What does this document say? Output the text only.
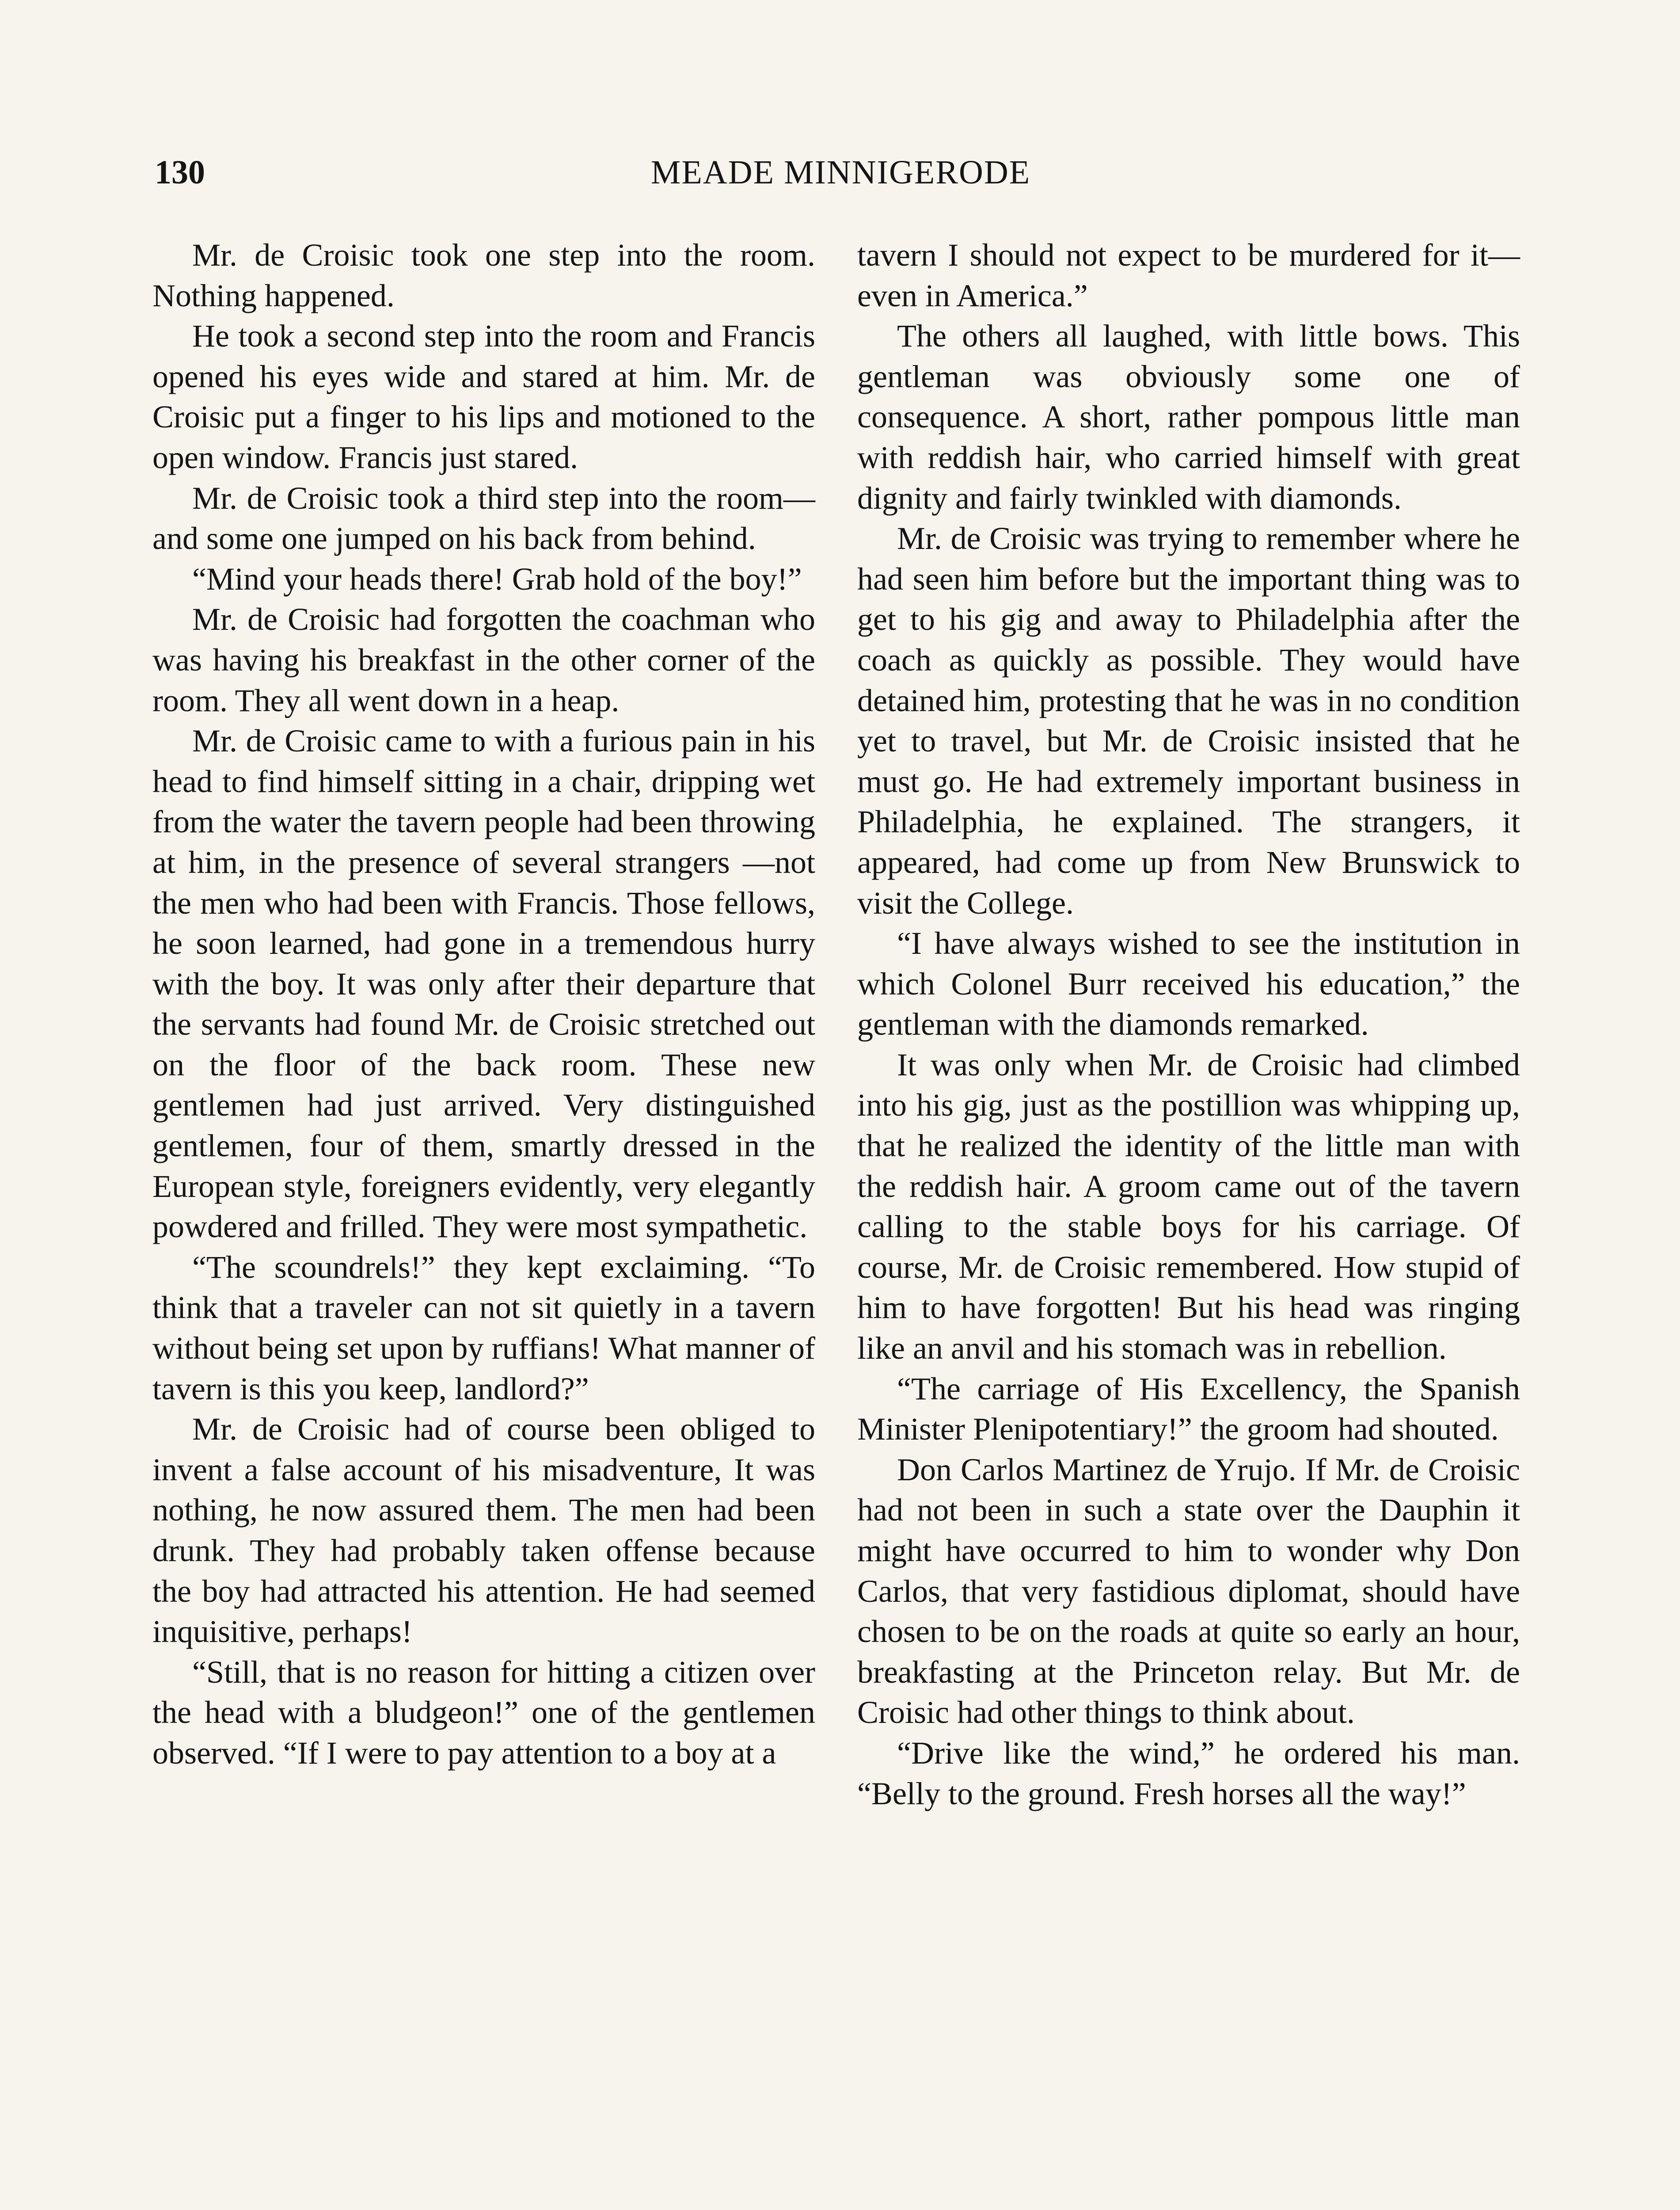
130	MEADE MINNIGERODE

Mr. de Croisic took one step into the room. Nothing happened.

He took a second step into the room and Francis opened his eyes wide and stared at him. Mr. de Croisic put a finger to his lips and motioned to the open window. Francis just stared.

Mr. de Croisic took a third step into the room—and some one jumped on his back from behind.

“Mind your heads there! Grab hold of the boy!”

Mr. de Croisic had forgotten the coachman who was having his breakfast in the other corner of the room. They all went down in a heap.

Mr. de Croisic came to with a furious pain in his head to find himself sitting in a chair, dripping wet from the water the tavern people had been throwing at him, in the presence of several strangers —not the men who had been with Francis. Those fellows, he soon learned, had gone in a tremendous hurry with the boy. It was only after their departure that the servants had found Mr. de Croisic stretched out on the floor of the back room. These new gentlemen had just arrived. Very distinguished gentlemen, four of them, smartly dressed in the European style, foreigners evidently, very elegantly powdered and frilled. They were most sympathetic.

“The scoundrels!” they kept exclaiming. “To think that a traveler can not sit quietly in a tavern without being set upon by ruffians! What manner of tavern is this you keep, landlord?”

Mr. de Croisic had of course been obliged to invent a false account of his misadventure, It was nothing, he now assured them. The men had been drunk. They had probably taken offense because the boy had attracted his attention. He had seemed inquisitive, perhaps!

“Still, that is no reason for hitting a citizen over the head with a bludgeon!” one of the gentlemen observed. “If I were to pay attention to a boy at a

tavern I should not expect to be murdered for it—even in America.”

The others all laughed, with little bows. This gentleman was obviously some one of consequence. A short, rather pompous little man with reddish hair, who carried himself with great dignity and fairly twinkled with diamonds.

Mr. de Croisic was trying to remember where he had seen him before but the important thing was to get to his gig and away to Philadelphia after the coach as quickly as possible. They would have detained him, protesting that he was in no condition yet to travel, but Mr. de Croisic insisted that he must go. He had extremely important business in Philadelphia, he explained. The strangers, it appeared, had come up from New Brunswick to visit the College.

“I have always wished to see the institution in which Colonel Burr received his education,” the gentleman with the diamonds remarked.

It was only when Mr. de Croisic had climbed into his gig, just as the postillion was whipping up, that he realized the identity of the little man with the reddish hair. A groom came out of the tavern calling to the stable boys for his carriage. Of course, Mr. de Croisic remembered. How stupid of him to have forgotten! But his head was ringing like an anvil and his stomach was in rebellion.

“The carriage of His Excellency, the Spanish Minister Plenipotentiary!” the groom had shouted.

Don Carlos Martinez de Yrujo. If Mr. de Croisic had not been in such a state over the Dauphin it might have occurred to him to wonder why Don Carlos, that very fastidious diplomat, should have chosen to be on the roads at quite so early an hour, breakfasting at the Princeton relay. But Mr. de Croisic had other things to think about.

“Drive like the wind,” he ordered his man. “Belly to the ground. Fresh horses all the way!”
